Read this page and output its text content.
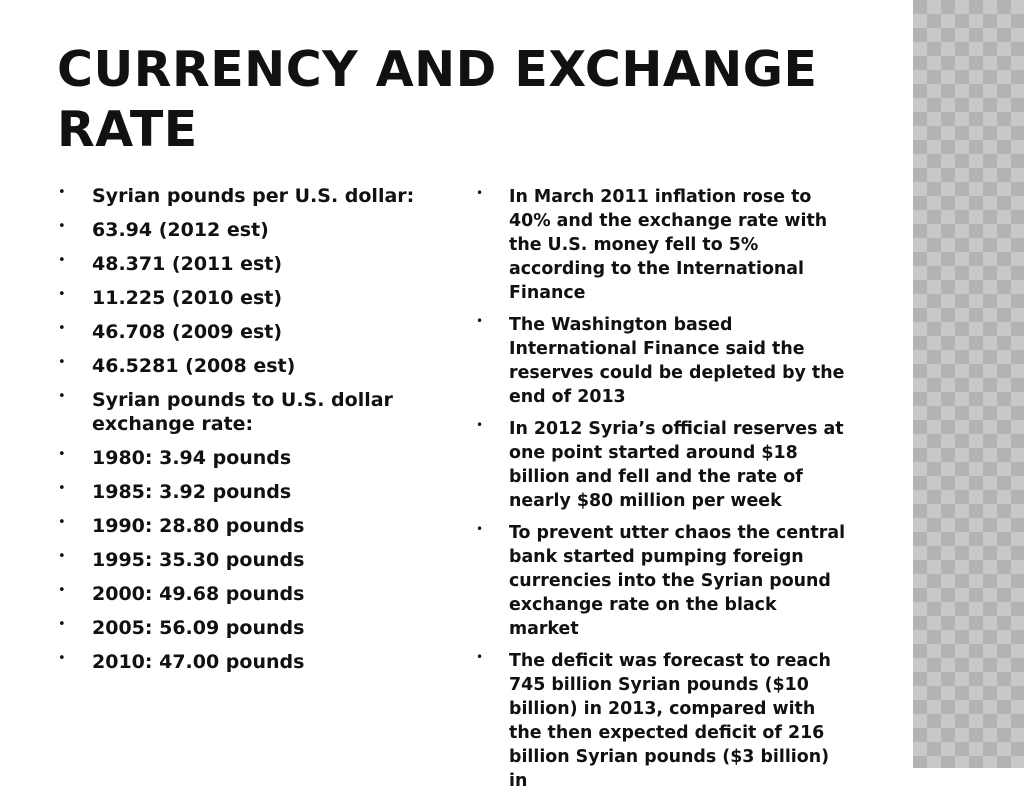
CURRENCY AND EXCHANGE RATE
• Syrian pounds per U.S. dollar:
• 63.94 (2012 est)
• 48.371 (2011 est)
• 11.225 (2010 est)
• 46.708 (2009 est)
• 46.5281 (2008 est)
• Syrian pounds to U.S. dollar exchange rate:
• 1980: 3.94 pounds
• 1985: 3.92 pounds
• 1990: 28.80 pounds
• 1995: 35.30 pounds
• 2000: 49.68 pounds
• 2005: 56.09 pounds
• 2010: 47.00 pounds
• In March 2011 inflation rose to 40% and the exchange rate with the U.S. money fell to 5% according to the International Finance
• The Washington based International Finance said the reserves could be depleted by the end of 2013
• In 2012 Syria’s official reserves at one point started around $18 billion and fell and the rate of nearly $80 million per week
• To prevent utter chaos the central bank started pumping foreign currencies into the Syrian pound exchange rate on the black market
• The deficit was forecast to reach 745 billion Syrian pounds ($10 billion) in 2013, compared with the then expected deficit of 216 billion Syrian pounds ($3 billion) in
